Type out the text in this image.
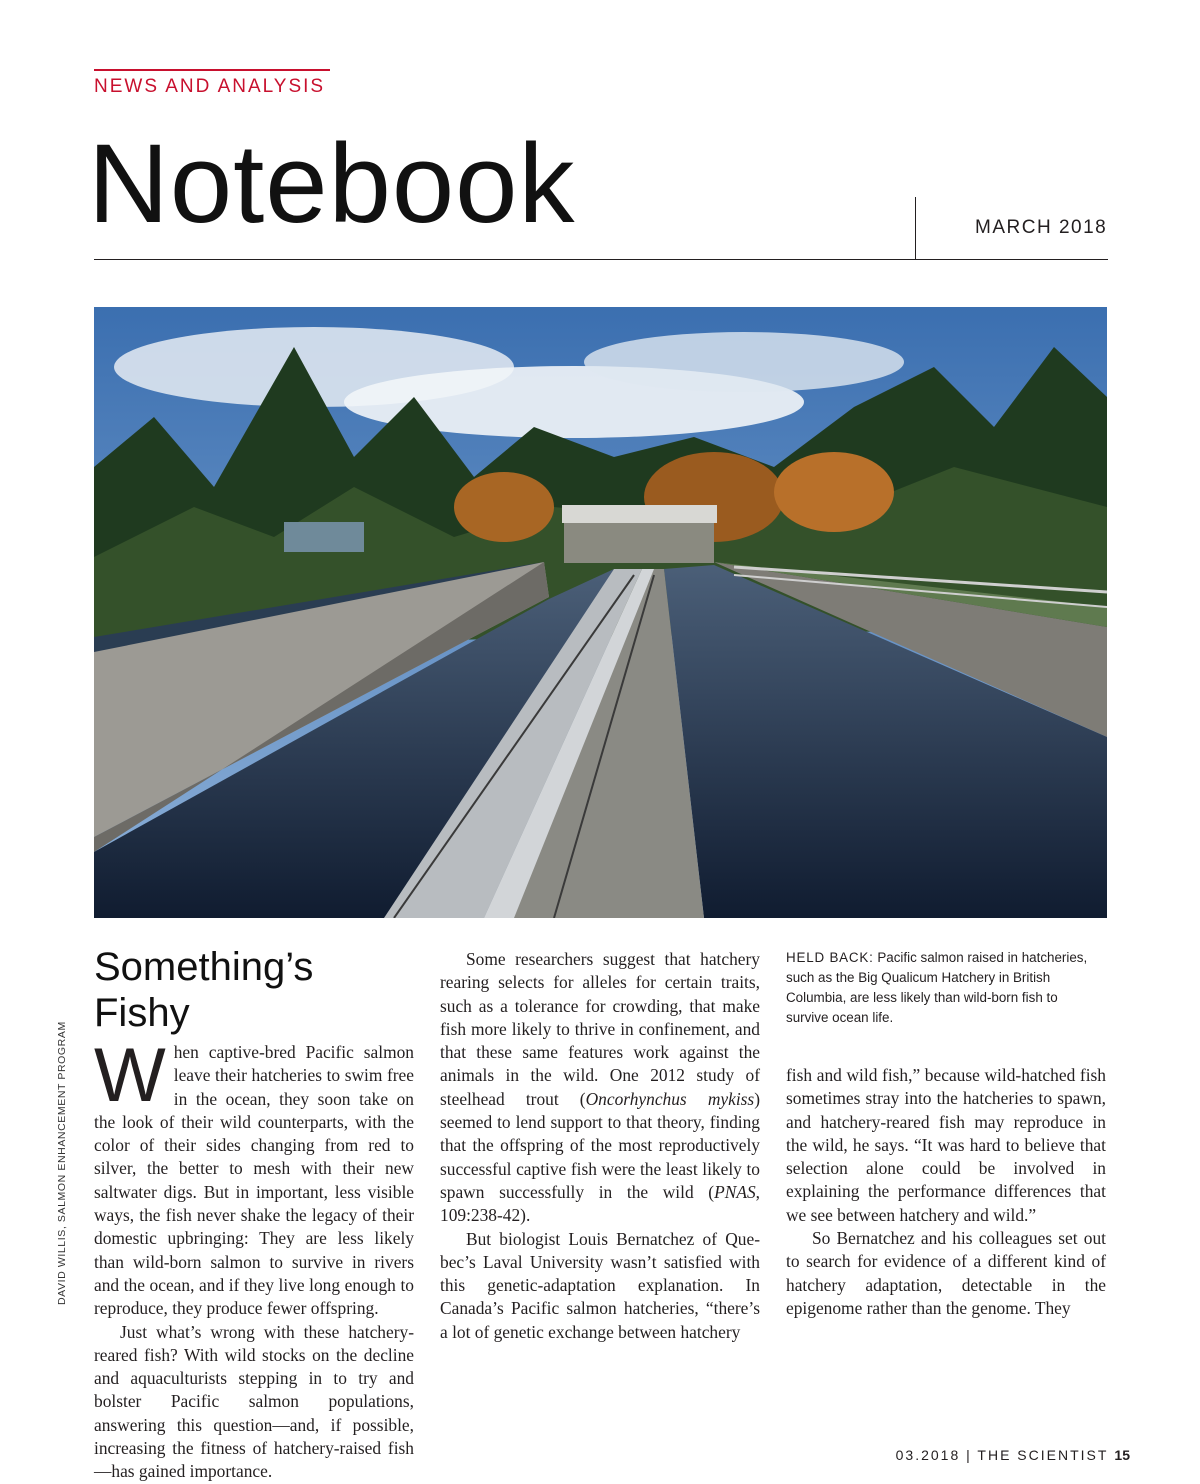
NEWS AND ANALYSIS
Notebook	MARCH 2018
DAVID WILLIS, SALMON ENHANCEMENT PROGRAM
Something’s Fishy

When captive-bred Pacific salmon leave their hatcheries to swim free in the ocean, they soon take on the look of their wild counterparts, with the color of their sides changing from red to silver, the better to mesh with their new saltwater digs. But in important, less visible ways, the fish never shake the legacy of their domestic upbringing: They are less likely than wild-born salmon to survive in rivers and the ocean, and if they live long enough to reproduce, they produce fewer offspring.

Just what’s wrong with these hatchery-reared fish? With wild stocks on the decline and aquaculturists stepping in to try and bolster Pacific salmon populations, answering this question—and, if possible, increasing the fitness of hatchery-raised fish—has gained importance.

Some researchers suggest that hatchery rearing selects for alleles for certain traits, such as a tolerance for crowding, that make fish more likely to thrive in confinement, and that these same features work against the animals in the wild. One 2012 study of steelhead trout (Oncorhynchus mykiss) seemed to lend support to that theory, finding that the offspring of the most reproductively successful captive fish were the least likely to spawn successfully in the wild (PNAS, 109:238-42).

But biologist Louis Bernatchez of Quebec’s Laval University wasn’t satisfied with this genetic-adaptation explanation. In Canada’s Pacific salmon hatcheries, “there’s a lot of genetic exchange between hatchery

fish and wild fish,” because wild-hatched fish sometimes stray into the hatcheries to spawn, and hatchery-reared fish may reproduce in the wild, he says. “It was hard to believe that selection alone could be involved in explaining the performance differences that we see between hatchery and wild.”

So Bernatchez and his colleagues set out to search for evidence of a different kind of hatchery adaptation, detectable in the epigenome rather than the genome. They

HELD BACK: Pacific salmon raised in hatcheries, such as the Big Qualicum Hatchery in British Columbia, are less likely than wild-born fish to survive ocean life.
03.2018 | THE SCIENTIST 15
